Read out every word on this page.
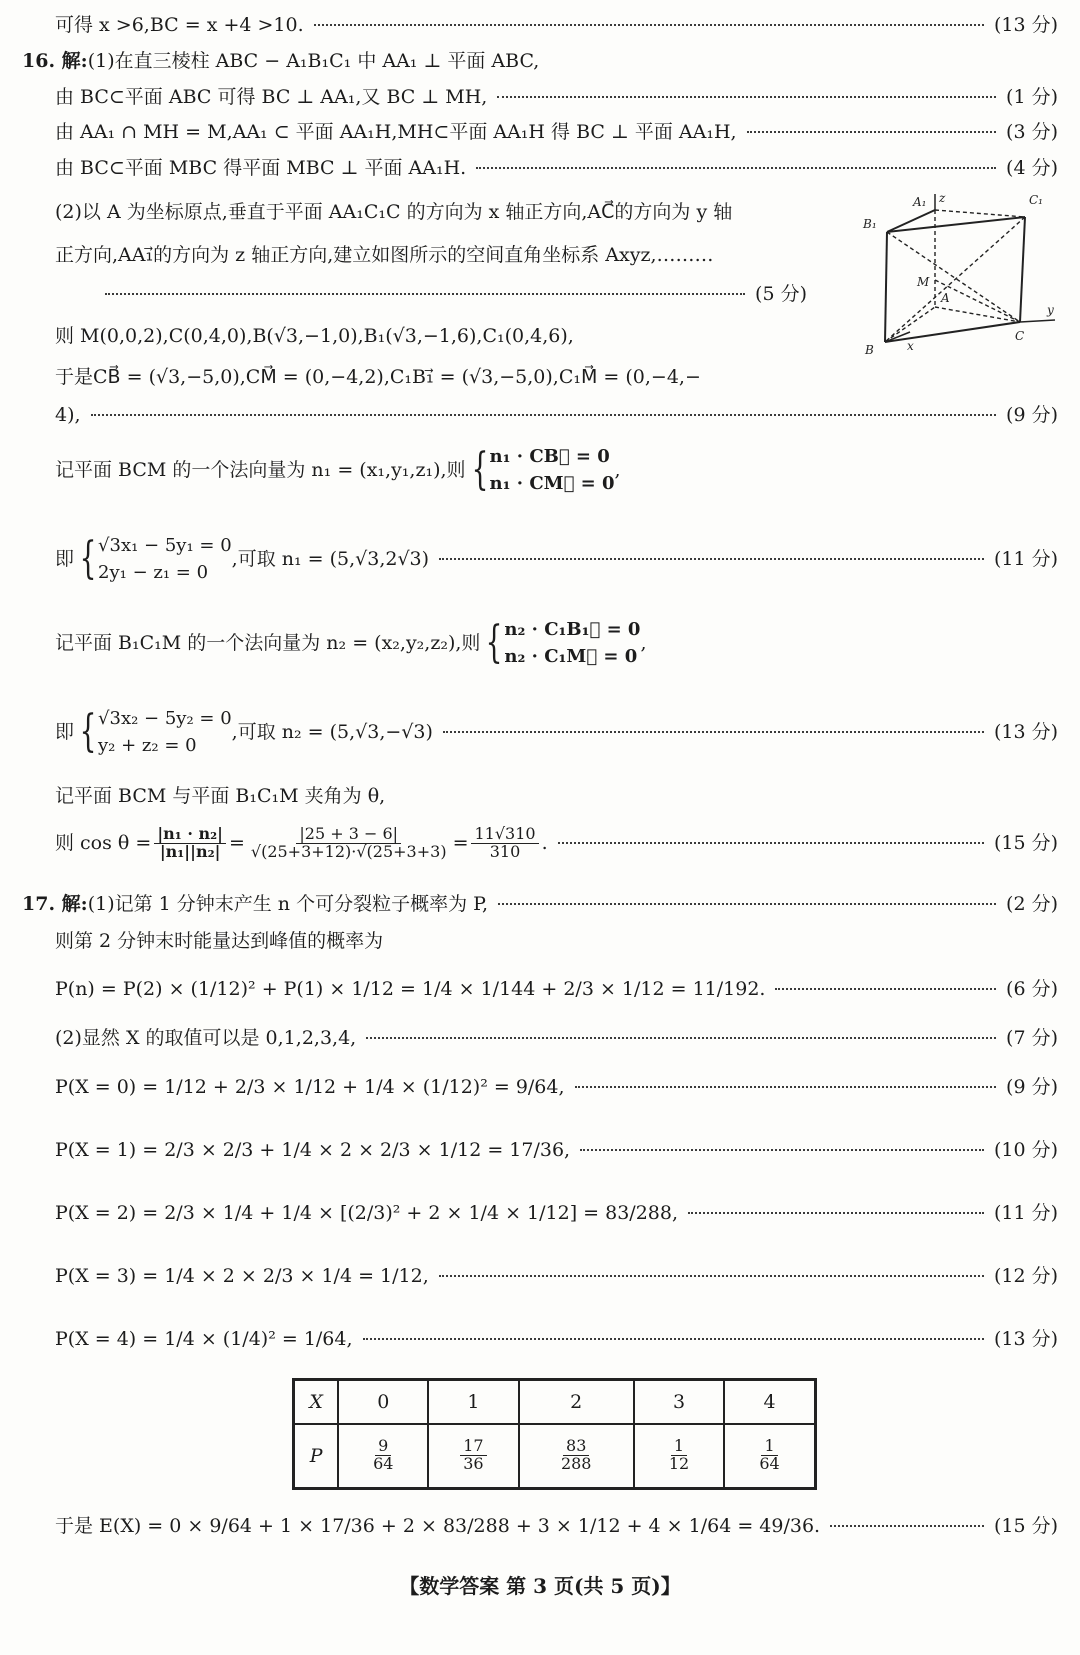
可得 x >6,BC = x +4 >10.	(13 分)
16. 解: (1)在直三棱柱 ABC − A₁B₁C₁ 中 AA₁ ⊥ 平面 ABC,
由 BC⊂平面 ABC 可得 BC ⊥ AA₁,又 BC ⊥ MH,	(1 分)
由 AA₁ ∩ MH = M,AA₁ ⊂ 平面 AA₁H,MH⊂平面 AA₁H 得 BC ⊥ 平面 AA₁H,	(3 分)
由 BC⊂平面 MBC 得平面 MBC ⊥ 平面 AA₁H.	(4 分)
(2)以 A 为坐标原点,垂直于平面 AA₁C₁C 的方向为 x 轴正方向,AC⃗的方向为 y 轴
正方向,AA₁⃗的方向为 z 轴正方向,建立如图所示的空间直角坐标系 Axyz,………
(5 分)
则 M(0,0,2),C(0,4,0),B(√3,−1,0),B₁(√3,−1,6),C₁(0,4,6),
于是CB⃗ = (√3,−5,0),CM⃗ = (0,−4,2),C₁B₁⃗ = (√3,−5,0),C₁M⃗ = (0,−4,−
4),	(9 分)
A₁ z	C₁
B₁
M
A
y
B	x
C
记平面 BCM 的一个法向量为 n₁ = (x₁,y₁,z₁),则 { n₁ · CB⃗ = 0
n₁ · CM⃗ = 0
,
即 { √3x₁ − 5y₁ = 0
2y₁ − z₁ = 0
,可取 n₁ = (5,√3,2√3)	(11 分)
记平面 B₁C₁M 的一个法向量为 n₂ = (x₂,y₂,z₂),则 { n₂ · C₁B₁⃗ = 0
n₂ · C₁M⃗ = 0
,
即 { √3x₂ − 5y₂ = 0
y₂ + z₂ = 0
,可取 n₂ = (5,√3,−√3)	(13 分)
记平面 BCM 与平面 B₁C₁M 夹角为 θ,
则 $\cos \theta = \frac{\text{|n₁ · n₂|}}{\text{|n₁||n₂|}} = \frac{|25 + 3 - 6|}{√(25+3+12)\cdot√(25+3+3)} = \frac{11√310}{310}$ .	(15 分)
17. 解: (1)记第 1 分钟末产生 n 个可分裂粒子概率为 P,	(2 分)
则第 2 分钟末时能量达到峰值的概率为
P(n) = P(2) × (1/12)² + P(1) × 1/12 = 1/4 × 1/144 + 2/3 × 1/12 = 11/192.	(6 分)
(2)显然 X 的取值可以是 0,1,2,3,4,	(7 分)
P(X = 0) = 1/12 + 2/3 × 1/12 + 1/4 × (1/12)² = 9/64,	(9 分)
P(X = 1) = 2/3 × 2/3 + 1/4 × 2 × 2/3 × 1/12 = 17/36,	(10 分)
P(X = 2) = 2/3 × 1/4 + 1/4 × [(2/3)² + 2 × 1/4 × 1/12] = 83/288,	(11 分)
P(X = 3) = 1/4 × 2 × 2/3 × 1/4 = 1/12,	(12 分)
P(X = 4) = 1/4 × (1/4)² = 1/64,	(13 分)
X	0	1	2	3	4
P	$\frac{9}{64}$	$\frac{17}{36}$	$\frac{83}{288}$	$\frac{1}{12}$	$\frac{1}{64}$
于是 E(X) = 0 × 9/64 + 1 × 17/36 + 2 × 83/288 + 3 × 1/12 + 4 × 1/64 = 49/36.	(15 分)
【数学答案 第 3 页(共 5 页)】
